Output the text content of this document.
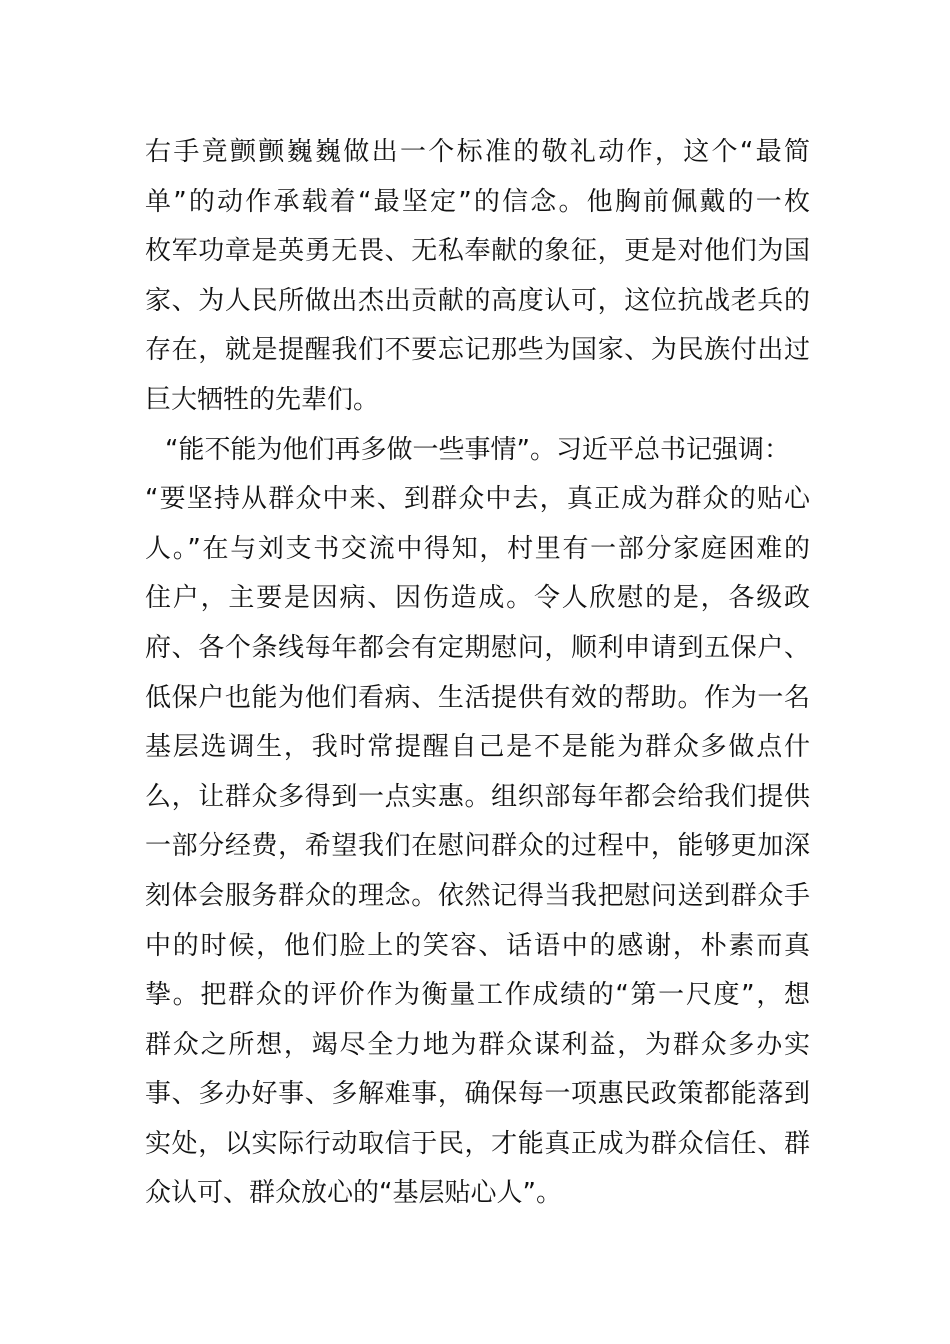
右手竟颤颤巍巍做出一个标准的敬礼动作，这个“最简
单”的动作承载着“最坚定”的信念。他胸前佩戴的一枚
枚军功章是英勇无畏、无私奉献的象征，更是对他们为国
家、为人民所做出杰出贡献的高度认可，这位抗战老兵的
存在，就是提醒我们不要忘记那些为国家、为民族付出过
巨大牺牲的先辈们。
“能不能为他们再多做一些事情”。习近平总书记强调：
“要坚持从群众中来、到群众中去，真正成为群众的贴心
人。”在与刘支书交流中得知，村里有一部分家庭困难的
住户，主要是因病、因伤造成。令人欣慰的是，各级政
府、各个条线每年都会有定期慰问，顺利申请到五保户、
低保户也能为他们看病、生活提供有效的帮助。作为一名
基层选调生，我时常提醒自己是不是能为群众多做点什
么，让群众多得到一点实惠。组织部每年都会给我们提供
一部分经费，希望我们在慰问群众的过程中，能够更加深
刻体会服务群众的理念。依然记得当我把慰问送到群众手
中的时候，他们脸上的笑容、话语中的感谢，朴素而真
挚。把群众的评价作为衡量工作成绩的“第一尺度”，想
群众之所想，竭尽全力地为群众谋利益，为群众多办实
事、多办好事、多解难事，确保每一项惠民政策都能落到
实处，以实际行动取信于民，才能真正成为群众信任、群
众认可、群众放心的“基层贴心人”。
